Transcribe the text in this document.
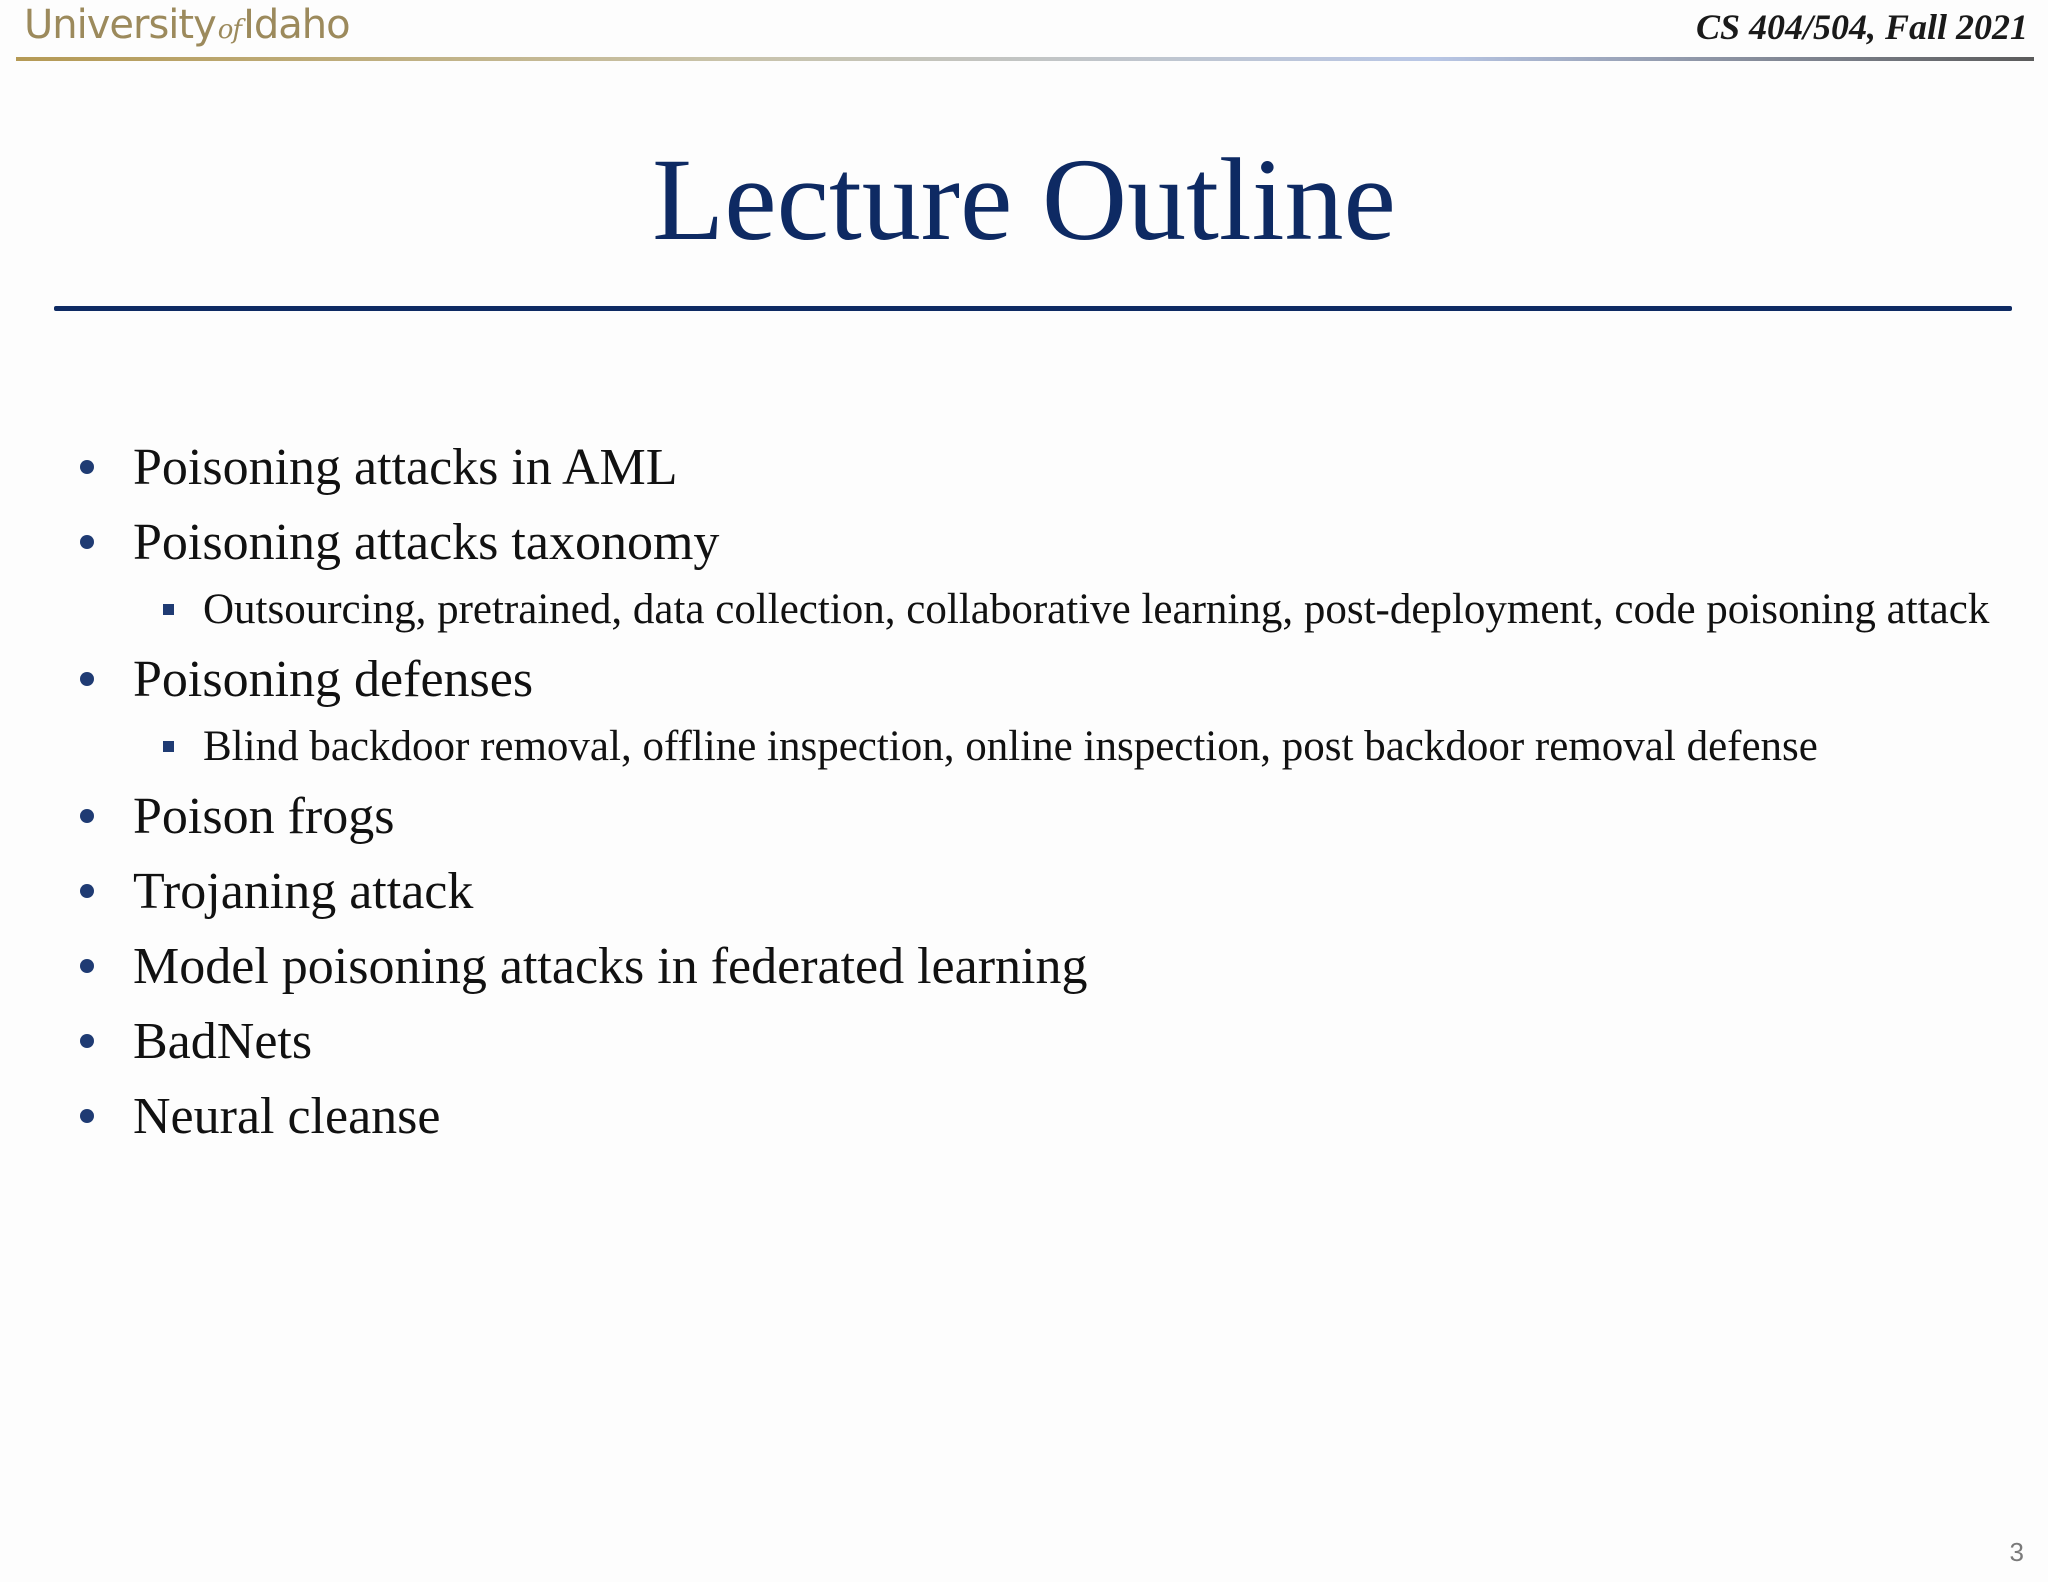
UniversityofIdaho	CS 404/504, Fall 2021
Lecture Outline
Poisoning attacks in AML
Poisoning attacks taxonomy
Outsourcing, pretrained, data collection, collaborative learning, post-deployment, code poisoning attack
Poisoning defenses
Blind backdoor removal, offline inspection, online inspection, post backdoor removal defense
Poison frogs
Trojaning attack
Model poisoning attacks in federated learning
BadNets
Neural cleanse
3
